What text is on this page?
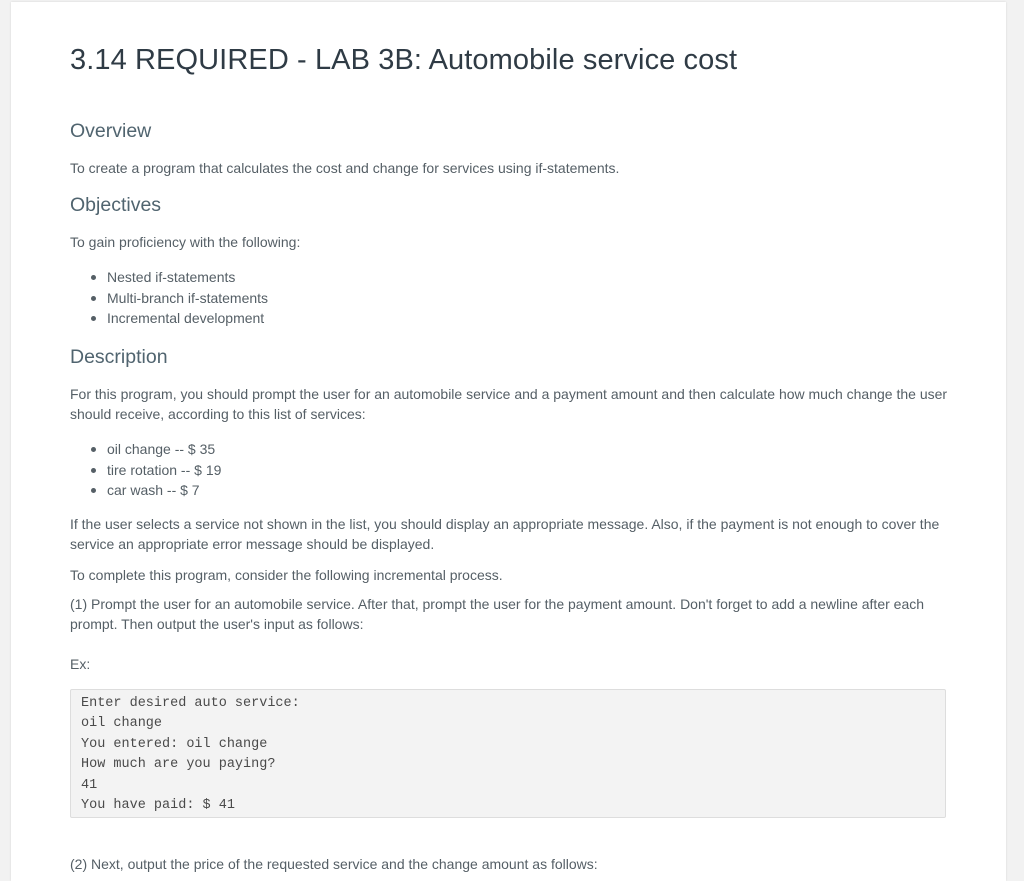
3.14 REQUIRED - LAB 3B: Automobile service cost
Overview

To create a program that calculates the cost and change for services using if-statements.

Objectives

To gain proficiency with the following:

Nested if-statements
Multi-branch if-statements
Incremental development
Description

For this program, you should prompt the user for an automobile service and a payment amount and then calculate how much change the user should receive, according to this list of services:

oil change -- $ 35
tire rotation -- $ 19
car wash -- $ 7

If the user selects a service not shown in the list, you should display an appropriate message. Also, if the payment is not enough to cover the service an appropriate error message should be displayed.

To complete this program, consider the following incremental process.

(1) Prompt the user for an automobile service. After that, prompt the user for the payment amount. Don't forget to add a newline after each prompt. Then output the user's input as follows:

Ex:

Enter desired auto service:
oil change
You entered: oil change
How much are you paying?
41
You have paid: $ 41

(2) Next, output the price of the requested service and the change amount as follows:
